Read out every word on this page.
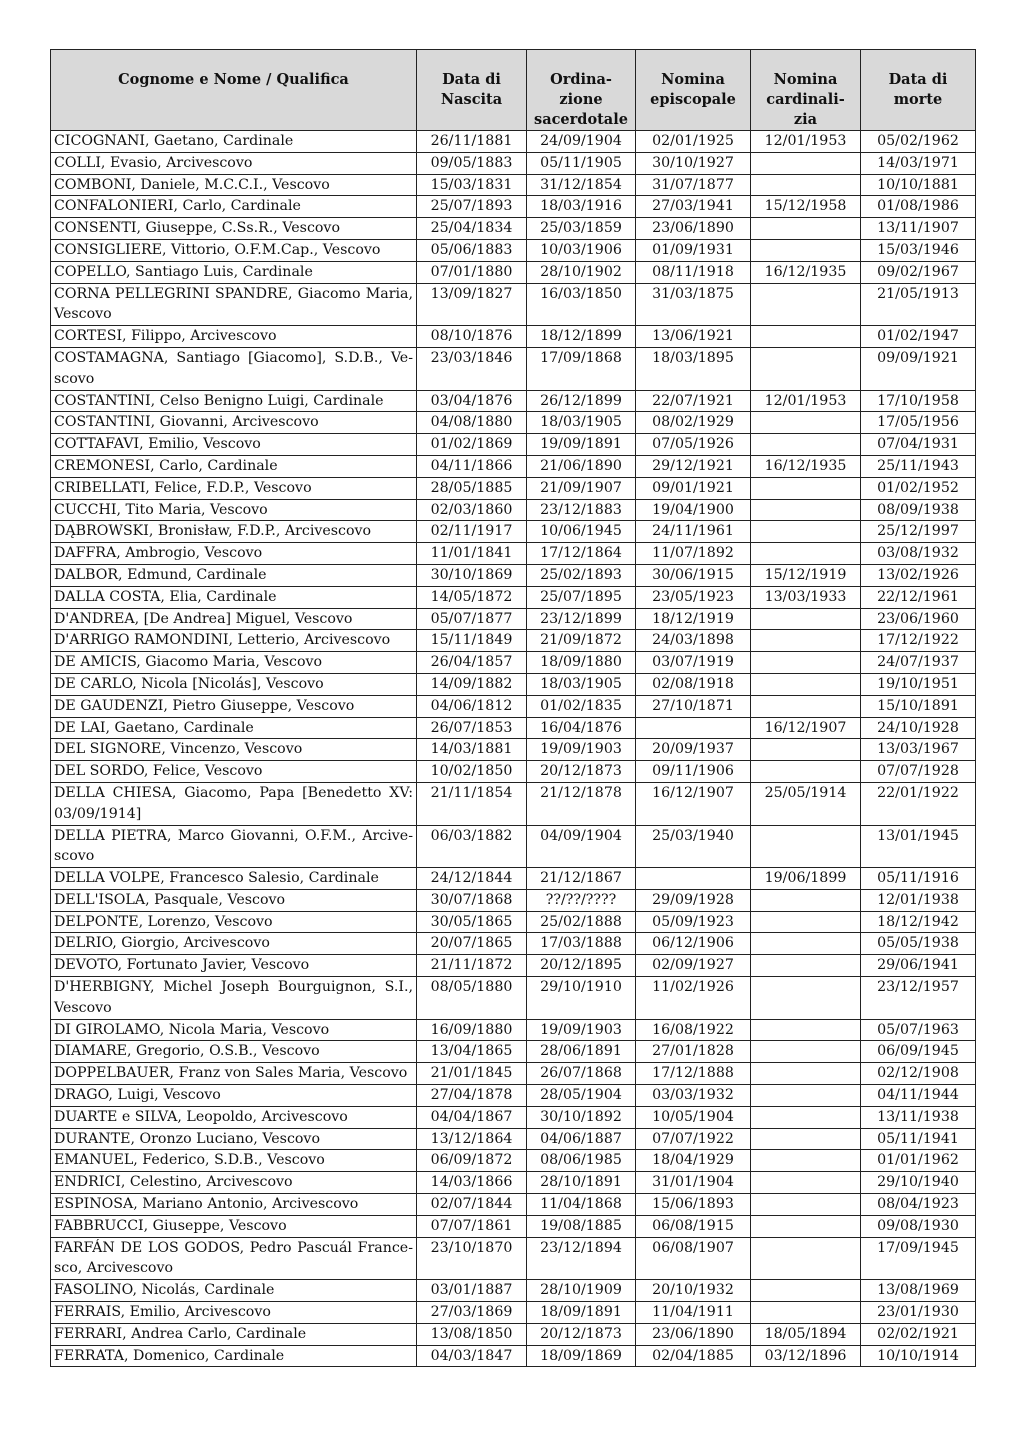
Cognome e Nome / Qualifica	Data di Nascita	Ordina- zione sacerdotale	Nomina episcopale	Nomina cardinali- zia	Data di morte
CICOGNANI, Gaetano, Cardinale	26/11/1881	24/09/1904	02/01/1925	12/01/1953	05/02/1962
COLLI, Evasio, Arcivescovo	09/05/1883	05/11/1905	30/10/1927		14/03/1971
COMBONI, Daniele, M.C.C.I., Vescovo	15/03/1831	31/12/1854	31/07/1877		10/10/1881
CONFALONIERI, Carlo, Cardinale	25/07/1893	18/03/1916	27/03/1941	15/12/1958	01/08/1986
CONSENTI, Giuseppe, C.Ss.R., Vescovo	25/04/1834	25/03/1859	23/06/1890		13/11/1907
CONSIGLIERE, Vittorio, O.F.M.Cap., Vescovo	05/06/1883	10/03/1906	01/09/1931		15/03/1946
COPELLO, Santiago Luis, Cardinale	07/01/1880	28/10/1902	08/11/1918	16/12/1935	09/02/1967
CORNA PELLEGRINI SPANDRE, Giacomo Maria, Vescovo	13/09/1827	16/03/1850	31/03/1875		21/05/1913
CORTESI, Filippo, Arcivescovo	08/10/1876	18/12/1899	13/06/1921		01/02/1947
COSTAMAGNA, Santiago [Giacomo], S.D.B., Ve-scovo	23/03/1846	17/09/1868	18/03/1895		09/09/1921
COSTANTINI, Celso Benigno Luigi, Cardinale	03/04/1876	26/12/1899	22/07/1921	12/01/1953	17/10/1958
COSTANTINI, Giovanni, Arcivescovo	04/08/1880	18/03/1905	08/02/1929		17/05/1956
COTTAFAVI, Emilio, Vescovo	01/02/1869	19/09/1891	07/05/1926		07/04/1931
CREMONESI, Carlo, Cardinale	04/11/1866	21/06/1890	29/12/1921	16/12/1935	25/11/1943
CRIBELLATI, Felice, F.D.P., Vescovo	28/05/1885	21/09/1907	09/01/1921		01/02/1952
CUCCHI, Tito Maria, Vescovo	02/03/1860	23/12/1883	19/04/1900		08/09/1938
DĄBROWSKI, Bronisław, F.D.P., Arcivescovo	02/11/1917	10/06/1945	24/11/1961		25/12/1997
DAFFRA, Ambrogio, Vescovo	11/01/1841	17/12/1864	11/07/1892		03/08/1932
DALBOR, Edmund, Cardinale	30/10/1869	25/02/1893	30/06/1915	15/12/1919	13/02/1926
DALLA COSTA, Elia, Cardinale	14/05/1872	25/07/1895	23/05/1923	13/03/1933	22/12/1961
D'ANDREA, [De Andrea] Miguel, Vescovo	05/07/1877	23/12/1899	18/12/1919		23/06/1960
D'ARRIGO RAMONDINI, Letterio, Arcivescovo	15/11/1849	21/09/1872	24/03/1898		17/12/1922
DE AMICIS, Giacomo Maria, Vescovo	26/04/1857	18/09/1880	03/07/1919		24/07/1937
DE CARLO, Nicola [Nicolás], Vescovo	14/09/1882	18/03/1905	02/08/1918		19/10/1951
DE GAUDENZI, Pietro Giuseppe, Vescovo	04/06/1812	01/02/1835	27/10/1871		15/10/1891
DE LAI, Gaetano, Cardinale	26/07/1853	16/04/1876		16/12/1907	24/10/1928
DEL SIGNORE, Vincenzo, Vescovo	14/03/1881	19/09/1903	20/09/1937		13/03/1967
DEL SORDO, Felice, Vescovo	10/02/1850	20/12/1873	09/11/1906		07/07/1928
DELLA CHIESA, Giacomo, Papa [Benedetto XV: 03/09/1914]	21/11/1854	21/12/1878	16/12/1907	25/05/1914	22/01/1922
DELLA PIETRA, Marco Giovanni, O.F.M., Arcive-scovo	06/03/1882	04/09/1904	25/03/1940		13/01/1945
DELLA VOLPE, Francesco Salesio, Cardinale	24/12/1844	21/12/1867		19/06/1899	05/11/1916
DELL'ISOLA, Pasquale, Vescovo	30/07/1868	??/??/????	29/09/1928		12/01/1938
DELPONTE, Lorenzo, Vescovo	30/05/1865	25/02/1888	05/09/1923		18/12/1942
DELRIO, Giorgio, Arcivescovo	20/07/1865	17/03/1888	06/12/1906		05/05/1938
DEVOTO, Fortunato Javier, Vescovo	21/11/1872	20/12/1895	02/09/1927		29/06/1941
D'HERBIGNY, Michel Joseph Bourguignon, S.I., Vescovo	08/05/1880	29/10/1910	11/02/1926		23/12/1957
DI GIROLAMO, Nicola Maria, Vescovo	16/09/1880	19/09/1903	16/08/1922		05/07/1963
DIAMARE, Gregorio, O.S.B., Vescovo	13/04/1865	28/06/1891	27/01/1828		06/09/1945
DOPPELBAUER, Franz von Sales Maria, Vescovo	21/01/1845	26/07/1868	17/12/1888		02/12/1908
DRAGO, Luigi, Vescovo	27/04/1878	28/05/1904	03/03/1932		04/11/1944
DUARTE e SILVA, Leopoldo, Arcivescovo	04/04/1867	30/10/1892	10/05/1904		13/11/1938
DURANTE, Oronzo Luciano, Vescovo	13/12/1864	04/06/1887	07/07/1922		05/11/1941
EMANUEL, Federico, S.D.B., Vescovo	06/09/1872	08/06/1985	18/04/1929		01/01/1962
ENDRICI, Celestino, Arcivescovo	14/03/1866	28/10/1891	31/01/1904		29/10/1940
ESPINOSA, Mariano Antonio, Arcivescovo	02/07/1844	11/04/1868	15/06/1893		08/04/1923
FABBRUCCI, Giuseppe, Vescovo	07/07/1861	19/08/1885	06/08/1915		09/08/1930
FARFÁN DE LOS GODOS, Pedro Pascuál France-sco, Arcivescovo	23/10/1870	23/12/1894	06/08/1907		17/09/1945
FASOLINO, Nicolás, Cardinale	03/01/1887	28/10/1909	20/10/1932		13/08/1969
FERRAIS, Emilio, Arcivescovo	27/03/1869	18/09/1891	11/04/1911		23/01/1930
FERRARI, Andrea Carlo, Cardinale	13/08/1850	20/12/1873	23/06/1890	18/05/1894	02/02/1921
FERRATA, Domenico, Cardinale	04/03/1847	18/09/1869	02/04/1885	03/12/1896	10/10/1914
